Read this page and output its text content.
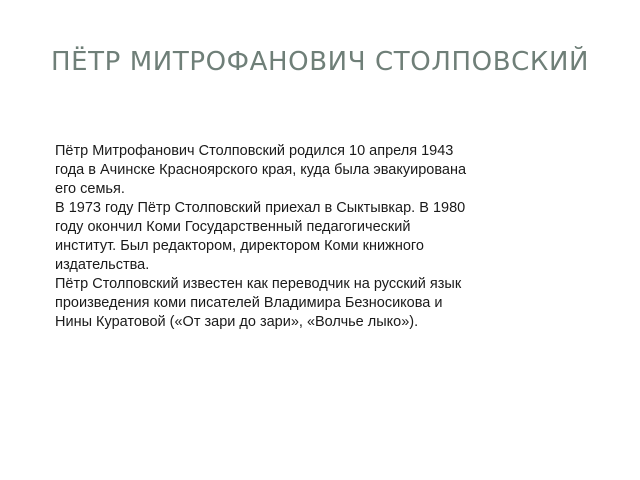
ПЁТР МИТРОФАНОВИЧ СТОЛПОВСКИЙ

Пётр Митрофанович Столповский родился 10 апреля 1943 года в Ачинске Красноярского края, куда была эвакуирована его семья.

В 1973 году Пётр Столповский приехал в Сыктывкар. В 1980 году окончил Коми Государственный педагогический институт. Был редактором, директором Коми книжного издательства.

Пётр Столповский известен как переводчик на русский язык произведения коми писателей Владимира Безносикова и Нины Куратовой («От зари до зари», «Волчье лыко»).
